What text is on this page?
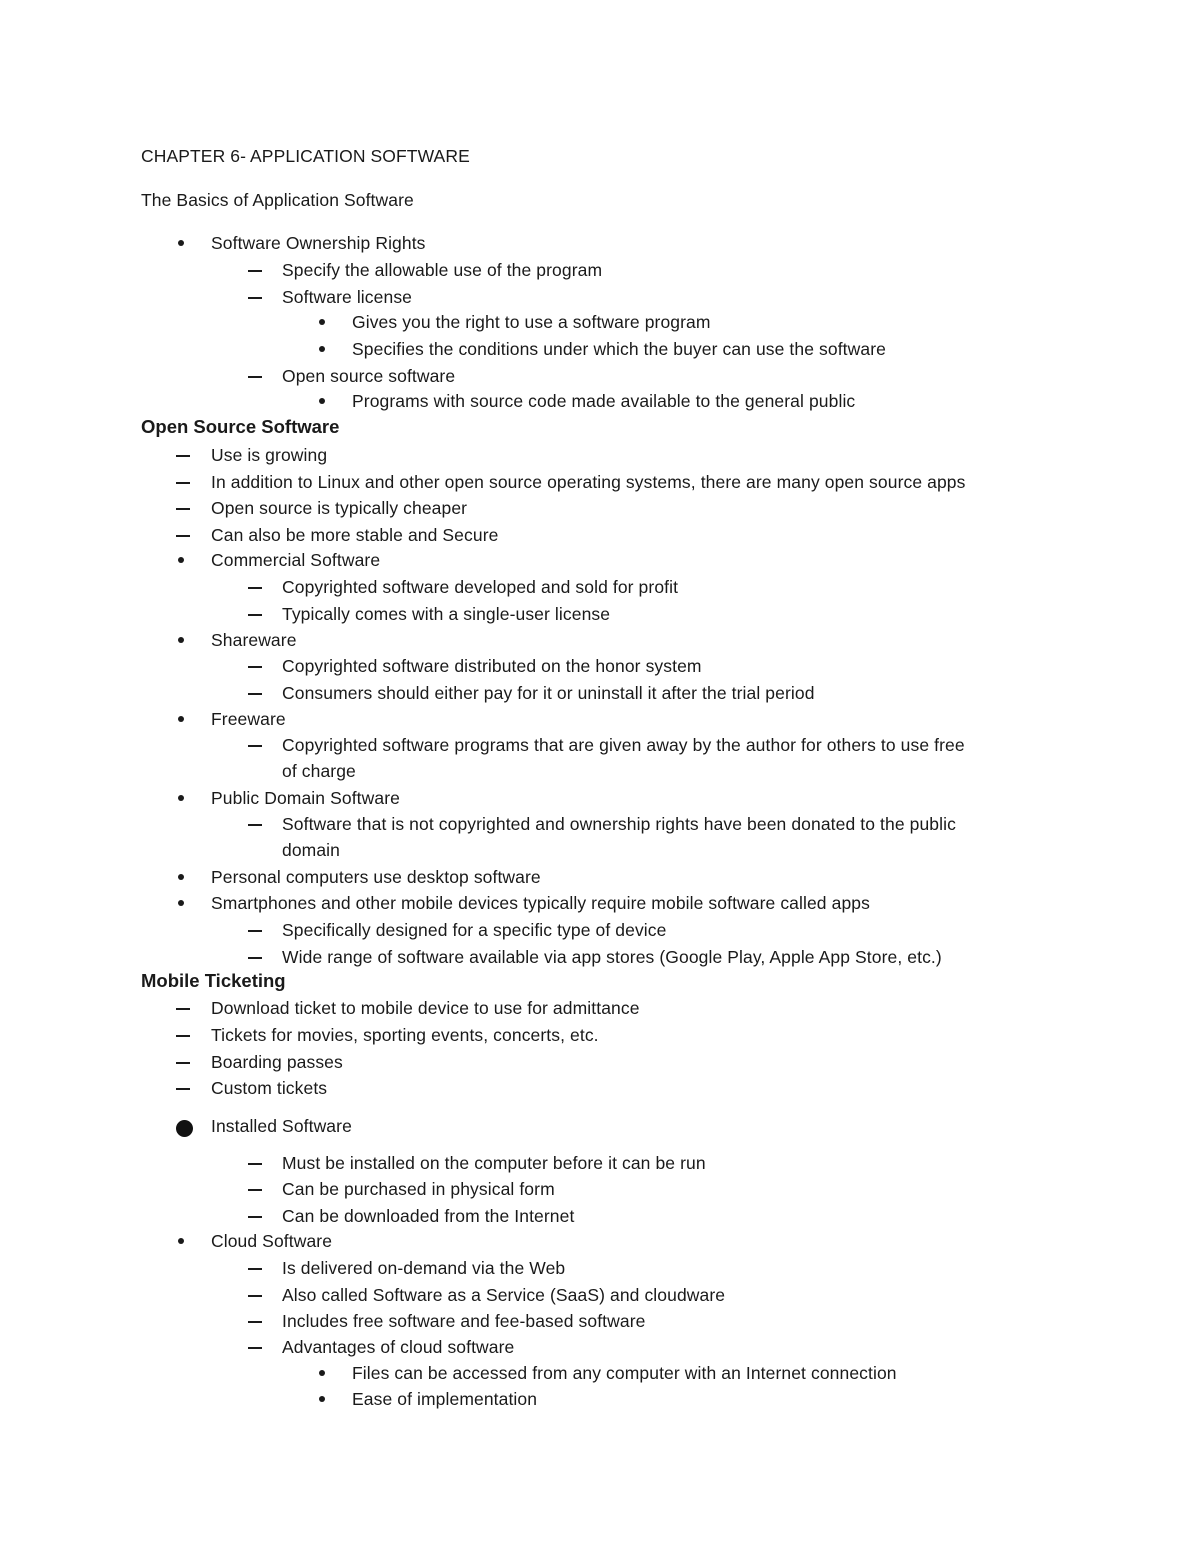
CHAPTER 6- APPLICATION SOFTWARE
The Basics of Application Software
Software Ownership Rights
Specify the allowable use of the program
Software license
Gives you the right to use a software program
Specifies the conditions under which the buyer can use the software
Open source software
Programs with source code made available to the general public
Open Source Software
Use is growing
In addition to Linux and other open source operating systems, there are many open source apps
Open source is typically cheaper
Can also be more stable and Secure
Commercial Software
Copyrighted software developed and sold for profit
Typically comes with a single-user license
Shareware
Copyrighted software distributed on the honor system
Consumers should either pay for it or uninstall it after the trial period
Freeware
Copyrighted software programs that are given away by the author for others to use free
of charge
Public Domain Software
Software that is not copyrighted and ownership rights have been donated to the public
domain
Personal computers use desktop software
Smartphones and other mobile devices typically require mobile software called apps
Specifically designed for a specific type of device
Wide range of software available via app stores (Google Play, Apple App Store, etc.)
Mobile Ticketing
Download ticket to mobile device to use for admittance
Tickets for movies, sporting events, concerts, etc.
Boarding passes
Custom tickets
Installed Software
Must be installed on the computer before it can be run
Can be purchased in physical form
Can be downloaded from the Internet
Cloud Software
Is delivered on-demand via the Web
Also called Software as a Service (SaaS) and cloudware
Includes free software and fee-based software
Advantages of cloud software
Files can be accessed from any computer with an Internet connection
Ease of implementation
